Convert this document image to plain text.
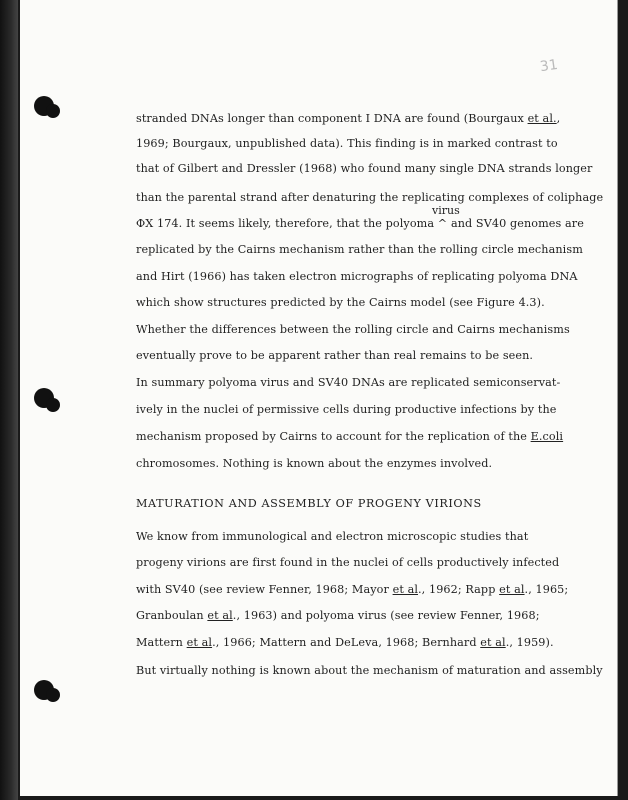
31
virus
stranded DNAs longer than component I DNA are found (Bourgaux et al.,
1969; Bourgaux, unpublished data). This finding is in marked contrast to
that of Gilbert and Dressler (1968) who found many single DNA strands longer
than the parental strand after denaturing the replicating complexes of coliphage
ΦX 174. It seems likely, therefore, that the polyoma ^ and SV40 genomes are
replicated by the Cairns mechanism rather than the rolling circle mechanism
and Hirt (1966) has taken electron micrographs of replicating polyoma DNA
which show structures predicted by the Cairns model (see Figure 4.3).
Whether the differences between the rolling circle and Cairns mechanisms
eventually prove to be apparent rather than real remains to be seen.
In summary polyoma virus and SV40 DNAs are replicated semiconservat-
ively in the nuclei of permissive cells during productive infections by the
mechanism proposed by Cairns to account for the replication of the E.coli
chromosomes. Nothing is known about the enzymes involved.
MATURATION AND ASSEMBLY OF PROGENY VIRIONS
We know from immunological and electron microscopic studies that
progeny virions are first found in the nuclei of cells productively infected
with SV40 (see review Fenner, 1968; Mayor et al., 1962; Rapp et al., 1965;
Granboulan et al., 1963) and polyoma virus (see review Fenner, 1968;
Mattern et al., 1966; Mattern and DeLeva, 1968; Bernhard et al., 1959).
But virtually nothing is known about the mechanism of maturation and assembly
